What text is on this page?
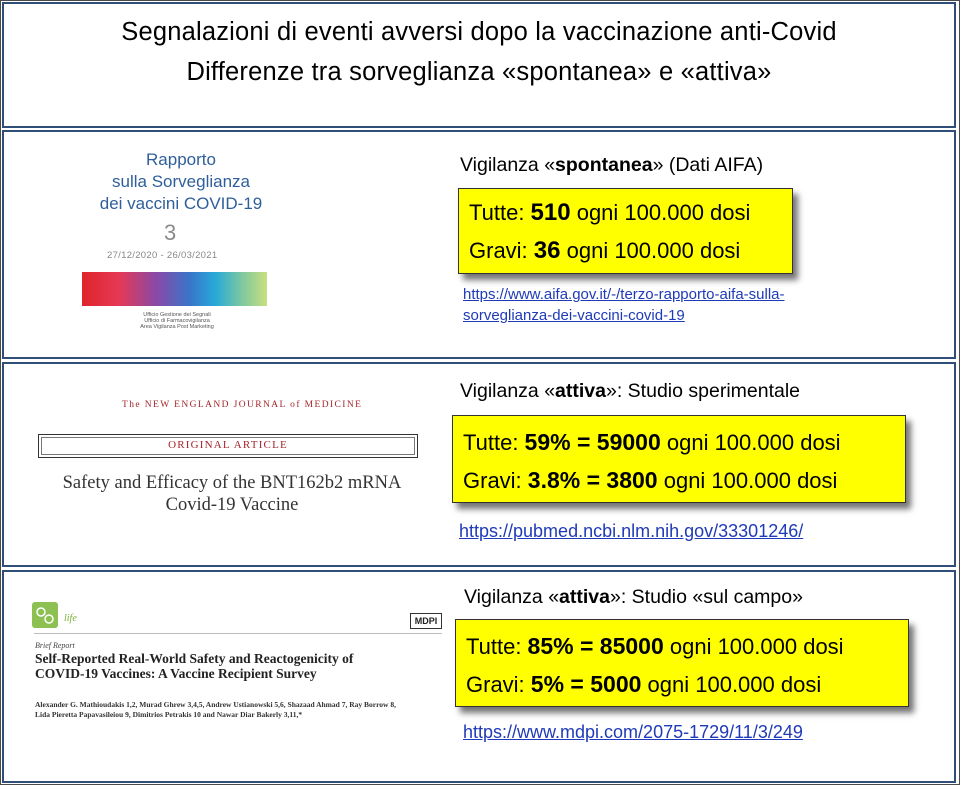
Segnalazioni di eventi avversi dopo la vaccinazione anti-Covid
Differenze tra sorveglianza «spontanea» e «attiva»
Rapporto
sulla Sorveglianza
dei vaccini COVID-19
3
27/12/2020 - 26/03/2021
Ufficio Gestione dei Segnali
Ufficio di Farmacovigilanza
Area Vigilanza Post Marketing
Vigilanza «spontanea» (Dati AIFA)
Tutte: 510 ogni 100.000 dosi
Gravi: 36 ogni 100.000 dosi
https://www.aifa.gov.it/-/terzo-rapporto-aifa-sulla-
sorveglianza-dei-vaccini-covid-19
The NEW ENGLAND JOURNAL of MEDICINE
ORIGINAL ARTICLE
Safety and Efficacy of the BNT162b2 mRNA
Covid-19 Vaccine
Vigilanza «attiva»: Studio sperimentale
Tutte: 59% = 59000 ogni 100.000 dosi
Gravi: 3.8% = 3800 ogni 100.000 dosi
https://pubmed.ncbi.nlm.nih.gov/33301246/
life	MDPI
Brief Report
Self-Reported Real-World Safety and Reactogenicity of
COVID-19 Vaccines: A Vaccine Recipient Survey
Alexander G. Mathioudakis 1,2, Murad Ghrew 3,4,5, Andrew Ustianowski 5,6, Shazaad Ahmad 7, Ray Borrow 8,
Lida Pieretta Papavasileiou 9, Dimitrios Petrakis 10 and Nawar Diar Bakerly 3,11,*
Vigilanza «attiva»: Studio «sul campo»
Tutte: 85% = 85000 ogni 100.000 dosi
Gravi: 5% = 5000 ogni 100.000 dosi
https://www.mdpi.com/2075-1729/11/3/249
